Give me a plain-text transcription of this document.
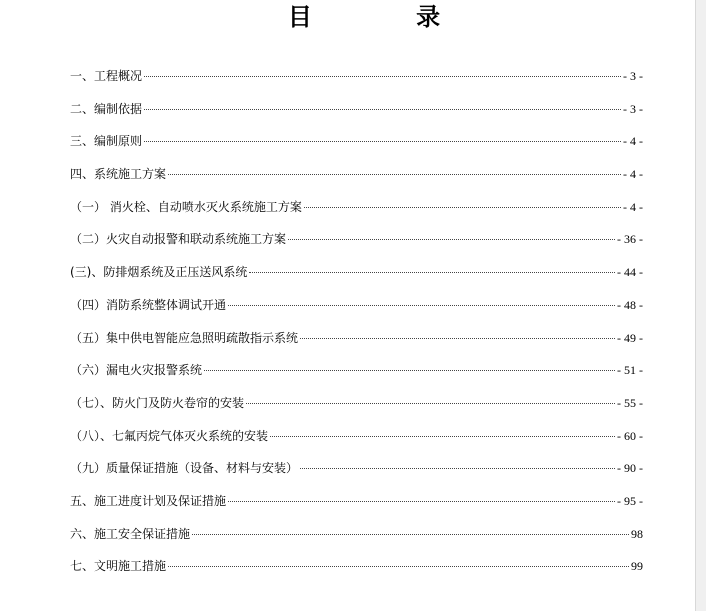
目 录
一、工程概况	- 3 -
二、编制依据	- 3 -
三、编制原则	- 4 -
四、系统施工方案	- 4 -
（一） 消火栓、自动喷水灭火系统施工方案	- 4 -
（二）火灾自动报警和联动系统施工方案	- 36 -
(三)、防排烟系统及正压送风系统	- 44 -
（四）消防系统整体调试开通	- 48 -
（五）集中供电智能应急照明疏散指示系统	- 49 -
（六）漏电火灾报警系统	- 51 -
（七）、防火门及防火卷帘的安装	- 55 -
（八）、七氟丙烷气体灭火系统的安装	- 60 -
（九）质量保证措施（设备、材料与安装）	- 90 -
五、施工进度计划及保证措施	- 95 -
六、施工安全保证措施	98
七、文明施工措施	99
